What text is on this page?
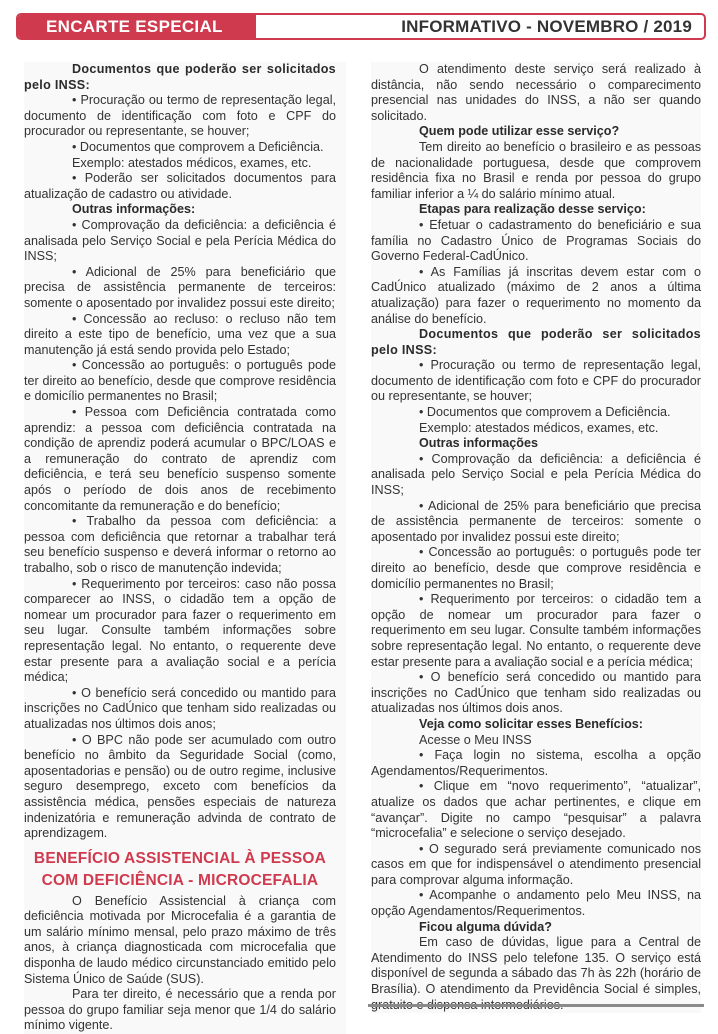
ENCARTE ESPECIAL	INFORMATIVO - NOVEMBRO / 2019

Documentos que poderão ser solicitados pelo INSS:

• Procuração ou termo de representação legal, documento de identificação com foto e CPF do procurador ou representante, se houver;

• Documentos que comprovem a Deficiência.

Exemplo: atestados médicos, exames, etc.

• Poderão ser solicitados documentos para atualização de cadastro ou atividade.

Outras informações:

• Comprovação da deficiência: a deficiência é analisada pelo Serviço Social e pela Perícia Médica do INSS;

• Adicional de 25% para beneficiário que precisa de assistência permanente de terceiros: somente o aposentado por invalidez possui este direito;

• Concessão ao recluso: o recluso não tem direito a este tipo de benefício, uma vez que a sua manutenção já está sendo provida pelo Estado;

• Concessão ao português: o português pode ter direito ao benefício, desde que comprove residência e domicílio permanentes no Brasil;

• Pessoa com Deficiência contratada como aprendiz: a pessoa com deficiência contratada na condição de aprendiz poderá acumular o BPC/LOAS e a remuneração do contrato de aprendiz com deficiência, e terá seu benefício suspenso somente após o período de dois anos de recebimento concomitante da remuneração e do benefício;

• Trabalho da pessoa com deficiência: a pessoa com deficiência que retornar a trabalhar terá seu benefício suspenso e deverá informar o retorno ao trabalho, sob o risco de manutenção indevida;

• Requerimento por terceiros: caso não possa comparecer ao INSS, o cidadão tem a opção de nomear um procurador para fazer o requerimento em seu lugar. Consulte também informações sobre representação legal. No entanto, o requerente deve estar presente para a avaliação social e a perícia médica;

• O benefício será concedido ou mantido para inscrições no CadÚnico que tenham sido realizadas ou atualizadas nos últimos dois anos;

• O BPC não pode ser acumulado com outro benefício no âmbito da Seguridade Social (como, aposentadorias e pensão) ou de outro regime, inclusive seguro desemprego, exceto com benefícios da assistência médica, pensões especiais de natureza indenizatória e remuneração advinda de contrato de aprendizagem.

BENEFÍCIO ASSISTENCIAL À PESSOA
COM DEFICIÊNCIA - MICROCEFALIA

O Benefício Assistencial à criança com deficiência motivada por Microcefalia é a garantia de um salário mínimo mensal, pelo prazo máximo de três anos, à criança diagnosticada com microcefalia que disponha de laudo médico circunstanciado emitido pelo Sistema Único de Saúde (SUS).

Para ter direito, é necessário que a renda por pessoa do grupo familiar seja menor que 1/4 do salário mínimo vigente.

O atendimento deste serviço será realizado à distância, não sendo necessário o comparecimento presencial nas unidades do INSS, a não ser quando solicitado.

Quem pode utilizar esse serviço?

Tem direito ao benefício o brasileiro e as pessoas de nacionalidade portuguesa, desde que comprovem residência fixa no Brasil e renda por pessoa do grupo familiar inferior a ¼ do salário mínimo atual.

Etapas para realização desse serviço:

• Efetuar o cadastramento do beneficiário e sua família no Cadastro Único de Programas Sociais do Governo Federal-CadÚnico.

• As Famílias já inscritas devem estar com o CadÚnico atualizado (máximo de 2 anos a última atualização) para fazer o requerimento no momento da análise do benefício.

Documentos que poderão ser solicitados pelo INSS:

• Procuração ou termo de representação legal, documento de identificação com foto e CPF do procurador ou representante, se houver;

• Documentos que comprovem a Deficiência.

Exemplo: atestados médicos, exames, etc.

Outras informações

• Comprovação da deficiência: a deficiência é analisada pelo Serviço Social e pela Perícia Médica do INSS;

• Adicional de 25% para beneficiário que precisa de assistência permanente de terceiros: somente o aposentado por invalidez possui este direito;

• Concessão ao português: o português pode ter direito ao benefício, desde que comprove residência e domicílio permanentes no Brasil;

• Requerimento por terceiros: o cidadão tem a opção de nomear um procurador para fazer o requerimento em seu lugar. Consulte também informações sobre representação legal. No entanto, o requerente deve estar presente para a avaliação social e a perícia médica;

• O benefício será concedido ou mantido para inscrições no CadÚnico que tenham sido realizadas ou atualizadas nos últimos dois anos.

Veja como solicitar esses Benefícios:

Acesse o Meu INSS

• Faça login no sistema, escolha a opção Agendamentos/Requerimentos.

• Clique em “novo requerimento”, “atualizar”, atualize os dados que achar pertinentes, e clique em “avançar”. Digite no campo “pesquisar” a palavra “microcefalia” e selecione o serviço desejado.

• O segurado será previamente comunicado nos casos em que for indispensável o atendimento presencial para comprovar alguma informação.

• Acompanhe o andamento pelo Meu INSS, na opção Agendamentos/Requerimentos.

Ficou alguma dúvida?

Em caso de dúvidas, ligue para a Central de Atendimento do INSS pelo telefone 135. O serviço está disponível de segunda a sábado das 7h às 22h (horário de Brasília). O atendimento da Previdência Social é simples,
